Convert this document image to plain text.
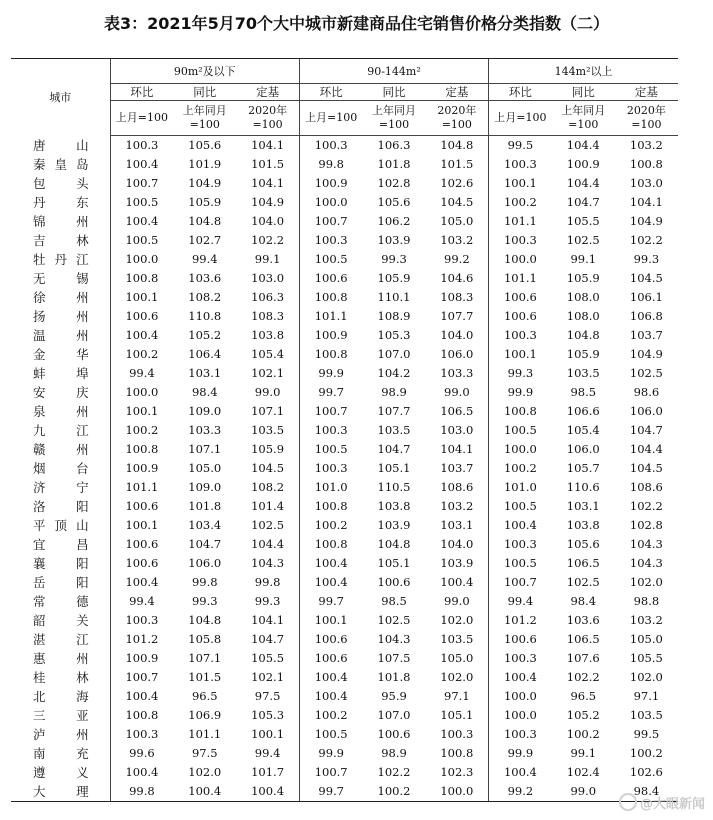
表3：2021年5月70个大中城市新建商品住宅销售价格分类指数（二）
城市	90m²及以下			90-144m²			144m²以上		
	环比	同比	定基	环比	同比	定基	环比	同比	定基
	上月=100	上年同月=100	2020年=100	上月=100	上年同月=100	2020年=100	上月=100	上年同月=100	2020年=100
唐山	100.3	105.6	104.1	100.3	106.3	104.8	99.5	104.4	103.2
秦皇岛	100.4	101.9	101.5	99.8	101.8	101.5	100.3	100.9	100.8
包头	100.7	104.9	104.1	100.9	102.8	102.6	100.1	104.4	103.0
丹东	100.5	105.9	104.9	100.0	105.6	104.5	100.2	104.7	104.1
锦州	100.4	104.8	104.0	100.7	106.2	105.0	101.1	105.5	104.9
吉林	100.5	102.7	102.2	100.3	103.9	103.2	100.3	102.5	102.2
牡丹江	100.0	99.4	99.1	100.5	99.3	99.2	100.0	99.1	99.3
无锡	100.8	103.6	103.0	100.6	105.9	104.6	101.1	105.9	104.5
徐州	100.1	108.2	106.3	100.8	110.1	108.3	100.6	108.0	106.1
扬州	100.6	110.8	108.3	101.1	108.9	107.7	100.6	108.0	106.8
温州	100.4	105.2	103.8	100.9	105.3	104.0	100.3	104.8	103.7
金华	100.2	106.4	105.4	100.8	107.0	106.0	100.1	105.9	104.9
蚌埠	99.4	103.1	102.1	99.9	104.2	103.3	99.3	103.5	102.5
安庆	100.0	98.4	99.0	99.7	98.9	99.0	99.9	98.5	98.6
泉州	100.1	109.0	107.1	100.7	107.7	106.5	100.8	106.6	106.0
九江	100.2	103.3	103.5	100.3	103.5	103.0	100.5	105.4	104.7
赣州	100.8	107.1	105.9	100.5	104.7	104.1	100.0	106.0	104.4
烟台	100.9	105.0	104.5	100.3	105.1	103.7	100.2	105.7	104.5
济宁	101.1	109.0	108.2	101.0	110.5	108.6	101.0	110.6	108.6
洛阳	100.6	101.8	101.4	100.8	103.8	103.2	100.5	103.1	102.2
平顶山	100.1	103.4	102.5	100.2	103.9	103.1	100.4	103.8	102.8
宜昌	100.6	104.7	104.4	100.8	104.8	104.0	100.3	105.6	104.3
襄阳	100.6	106.0	104.3	100.4	105.1	103.9	100.5	106.5	104.3
岳阳	100.4	99.8	99.8	100.4	100.6	100.4	100.7	102.5	102.0
常德	99.4	99.3	99.3	99.7	98.5	99.0	99.4	98.4	98.8
韶关	100.3	104.8	104.1	100.1	102.5	102.0	101.2	103.6	103.2
湛江	101.2	105.8	104.7	100.6	104.3	103.5	100.6	106.5	105.0
惠州	100.9	107.1	105.5	100.6	107.5	105.0	100.3	107.6	105.5
桂林	100.7	101.5	102.1	100.4	101.8	102.0	100.4	102.2	102.0
北海	100.4	96.5	97.5	100.4	95.9	97.1	100.0	96.5	97.1
三亚	100.8	106.9	105.3	100.2	107.0	105.1	100.0	105.2	103.5
泸州	100.3	101.1	100.1	100.5	100.6	100.3	100.3	100.2	99.5
南充	99.6	97.5	99.4	99.9	98.9	100.8	99.9	99.1	100.2
遵义	100.4	102.0	101.7	100.7	102.2	102.3	100.4	102.4	102.6
大理	99.8	100.4	100.4	99.7	100.2	100.0	99.2	99.0	98.4
@大眼新闻
